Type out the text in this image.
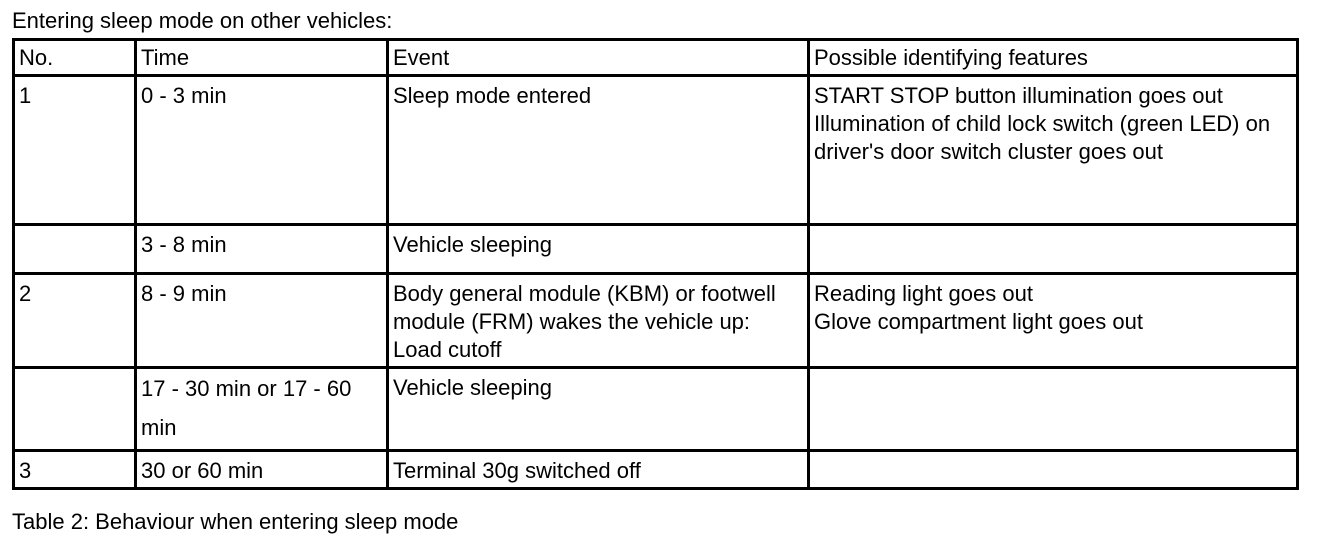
Entering sleep mode on other vehicles:
No.	Time	Event	Possible identifying features
1	0 - 3 min	Sleep mode entered	START STOP button illumination goes out
Illumination of child lock switch (green LED) on driver's door switch cluster goes out
	3 - 8 min	Vehicle sleeping	
2	8 - 9 min	Body general module (KBM) or footwell module (FRM) wakes the vehicle up: Load cutoff	Reading light goes out
Glove compartment light goes out
	17 - 30 min or 17 - 60 min	Vehicle sleeping	
3	30 or 60 min	Terminal 30g switched off	
Table 2: Behaviour when entering sleep mode
